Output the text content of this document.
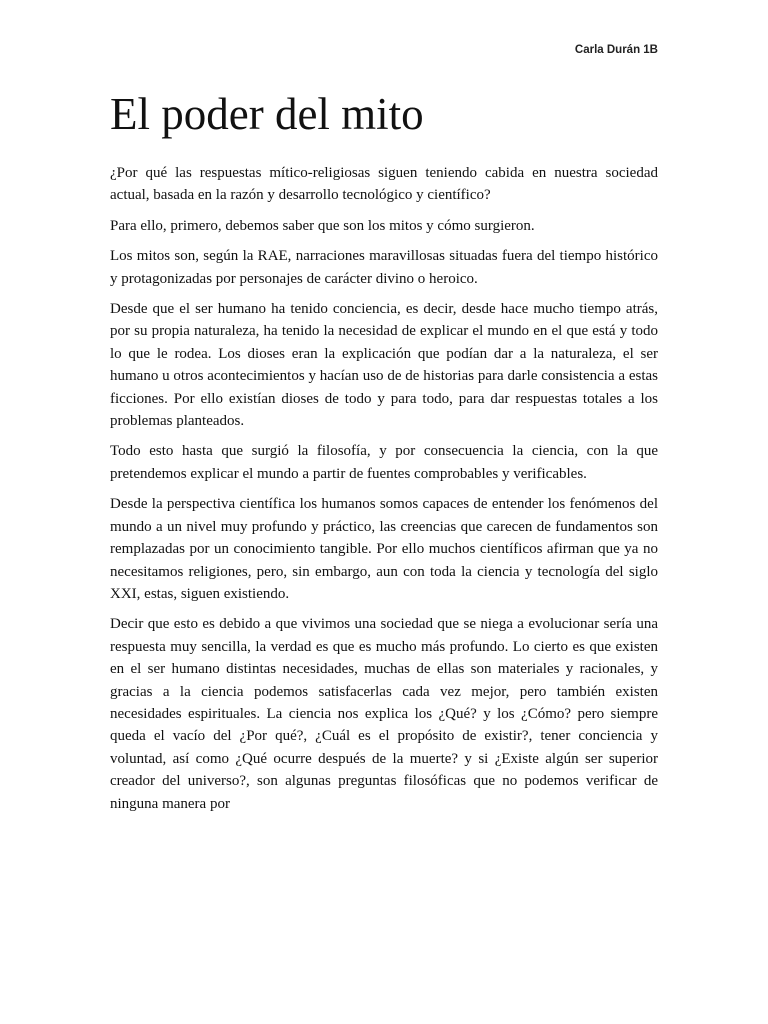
Carla Durán 1B
El poder del mito

¿Por qué las respuestas mítico-religiosas siguen teniendo cabida en nuestra sociedad actual, basada en la razón y desarrollo tecnológico y científico?

Para ello, primero, debemos saber que son los mitos y cómo surgieron.

Los mitos son, según la RAE, narraciones maravillosas situadas fuera del tiempo histórico y protagonizadas por personajes de carácter divino o heroico.

Desde que el ser humano ha tenido conciencia, es decir, desde hace mucho tiempo atrás, por su propia naturaleza, ha tenido la necesidad de explicar el mundo en el que está y todo lo que le rodea. Los dioses eran la explicación que podían dar a la naturaleza, el ser humano u otros acontecimientos y hacían uso de de historias para darle consistencia a estas ficciones. Por ello existían dioses de todo y para todo, para dar respuestas totales a los problemas planteados.

Todo esto hasta que surgió la filosofía, y por consecuencia la ciencia, con la que pretendemos explicar el mundo a partir de fuentes comprobables y verificables.

Desde la perspectiva científica los humanos somos capaces de entender los fenómenos del mundo a un nivel muy profundo y práctico, las creencias que carecen de fundamentos son remplazadas por un conocimiento tangible. Por ello muchos científicos afirman que ya no necesitamos religiones, pero, sin embargo, aun con toda la ciencia y tecnología del siglo XXI, estas, siguen existiendo.

Decir que esto es debido a que vivimos una sociedad que se niega a evolucionar sería una respuesta muy sencilla, la verdad es que es mucho más profundo. Lo cierto es que existen en el ser humano distintas necesidades, muchas de ellas son materiales y racionales, y gracias a la ciencia podemos satisfacerlas cada vez mejor, pero también existen necesidades espirituales. La ciencia nos explica los ¿Qué? y los ¿Cómo? pero siempre queda el vacío del ¿Por qué?, ¿Cuál es el propósito de existir?, tener conciencia y voluntad, así como ¿Qué ocurre después de la muerte? y si ¿Existe algún ser superior creador del universo?, son algunas preguntas filosóficas que no podemos verificar de ninguna manera por
